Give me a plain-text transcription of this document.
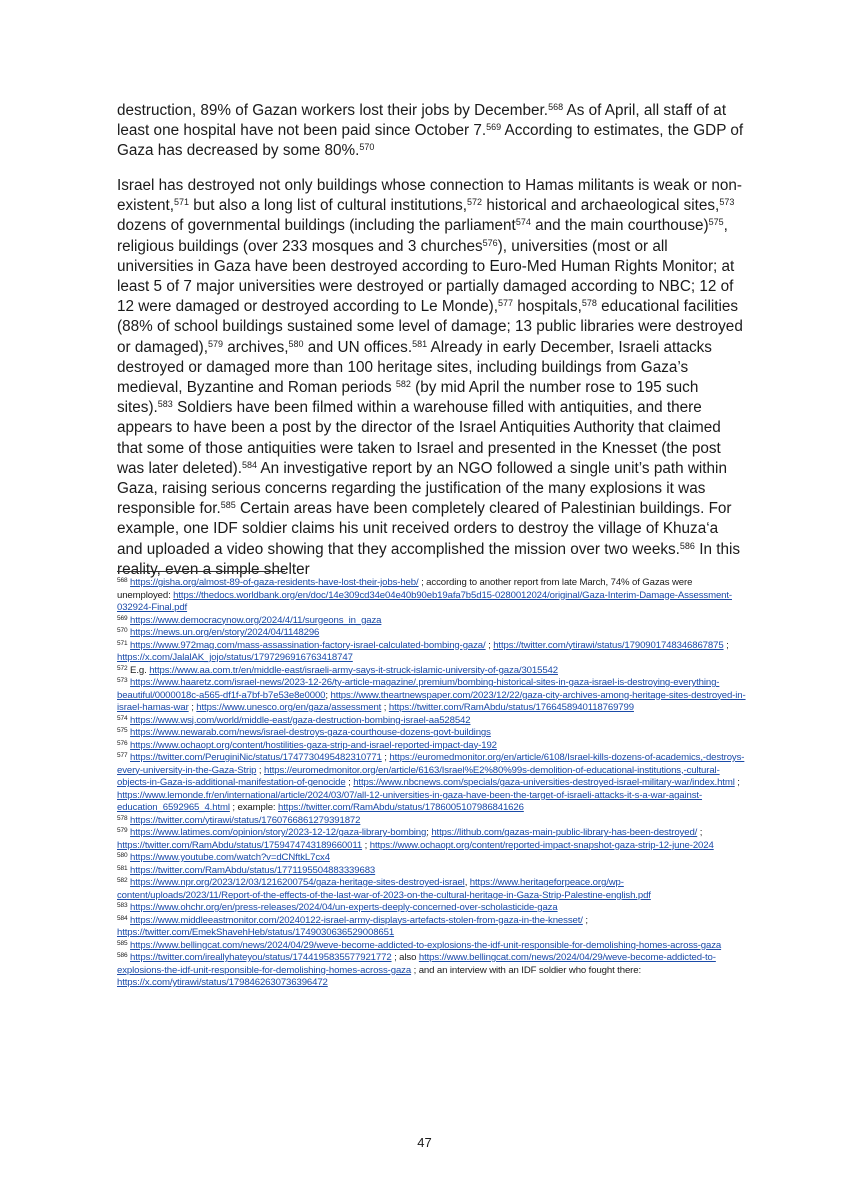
destruction, 89% of Gazan workers lost their jobs by December.$^{568}$ As of April, all staff of at least one hospital have not been paid since October 7.$^{569}$ According to estimates, the GDP of Gaza has decreased by some 80%.$^{570}$

Israel has destroyed not only buildings whose connection to Hamas militants is weak or non-existent,$^{571}$ but also a long list of cultural institutions,$^{572}$ historical and archaeological sites,$^{573}$ dozens of governmental buildings (including the parliament$^{574}$ and the main courthouse)$^{575}$, religious buildings (over 233 mosques and 3 churches$^{576}$), universities (most or all universities in Gaza have been destroyed according to Euro-Med Human Rights Monitor; at least 5 of 7 major universities were destroyed or partially damaged according to NBC; 12 of 12 were damaged or destroyed according to Le Monde),$^{577}$ hospitals,$^{578}$ educational facilities (88% of school buildings sustained some level of damage; 13 public libraries were destroyed or damaged),$^{579}$ archives,$^{580}$ and UN offices.$^{581}$ Already in early December, Israeli attacks destroyed or damaged more than 100 heritage sites, including buildings from Gaza’s medieval, Byzantine and Roman periods $^{582}$ (by mid April the number rose to 195 such sites).$^{583}$ Soldiers have been filmed within a warehouse filled with antiquities, and there appears to have been a post by the director of the Israel Antiquities Authority that claimed that some of those antiquities were taken to Israel and presented in the Knesset (the post was later deleted).$^{584}$ An investigative report by an NGO followed a single unit’s path within Gaza, raising serious concerns regarding the justification of the many explosions it was responsible for.$^{585}$ Certain areas have been completely cleared of Palestinian buildings. For example, one IDF soldier claims his unit received orders to destroy the village of Khuza‘a and uploaded a video showing that they accomplished the mission over two weeks.$^{586}$ In this reality, even a simple shelter

$^{568}$ https://gisha.org/almost-89-of-gaza-residents-have-lost-their-jobs-heb/ ; according to another report from late March, 74% of Gazas were unemployed: https://thedocs.worldbank.org/en/doc/14e309cd34e04e40b90eb19afa7b5d15-0280012024/original/Gaza-Interim-Damage-Assessment-032924-Final.pdf

$^{569}$ https://www.democracynow.org/2024/4/11/surgeons_in_gaza

$^{570}$ https://news.un.org/en/story/2024/04/1148296

$^{571}$ https://www.972mag.com/mass-assassination-factory-israel-calculated-bombing-gaza/ ; https://twitter.com/ytirawi/status/1790901748346867875 ; https://x.com/JalalAK_jojo/status/1797296916763418747

$^{572}$ E.g. https://www.aa.com.tr/en/middle-east/israeli-army-says-it-struck-islamic-university-of-gaza/3015542

$^{573}$ https://www.haaretz.com/israel-news/2023-12-26/ty-article-magazine/.premium/bombing-historical-sites-in-gaza-israel-is-destroying-everything-beautiful/0000018c-a565-df1f-a7bf-b7e53e8e0000; https://www.theartnewspaper.com/2023/12/22/gaza-city-archives-among-heritage-sites-destroyed-in-israel-hamas-war ; https://www.unesco.org/en/gaza/assessment ; https://twitter.com/RamAbdu/status/1766458940118769799

$^{574}$ https://www.wsj.com/world/middle-east/gaza-destruction-bombing-israel-aa528542

$^{575}$ https://www.newarab.com/news/israel-destroys-gaza-courthouse-dozens-govt-buildings

$^{576}$ https://www.ochaopt.org/content/hostilities-gaza-strip-and-israel-reported-impact-day-192

$^{577}$ https://twitter.com/PeruginiNic/status/1747730495482310771 ; https://euromedmonitor.org/en/article/6108/Israel-kills-dozens-of-academics,-destroys-every-university-in-the-Gaza-Strip ; https://euromedmonitor.org/en/article/6163/Israel%E2%80%99s-demolition-of-educational-institutions,-cultural-objects-in-Gaza-is-additional-manifestation-of-genocide ; https://www.nbcnews.com/specials/gaza-universities-destroyed-israel-military-war/index.html ; https://www.lemonde.fr/en/international/article/2024/03/07/all-12-universities-in-gaza-have-been-the-target-of-israeli-attacks-it-s-a-war-against-education_6592965_4.html ; example: https://twitter.com/RamAbdu/status/1786005107986841626

$^{578}$ https://twitter.com/ytirawi/status/1760766861279391872

$^{579}$ https://www.latimes.com/opinion/story/2023-12-12/gaza-library-bombing; https://lithub.com/gazas-main-public-library-has-been-destroyed/ ; https://twitter.com/RamAbdu/status/1759474743189660011 ; https://www.ochaopt.org/content/reported-impact-snapshot-gaza-strip-12-june-2024

$^{580}$ https://www.youtube.com/watch?v=dCNftkL7cx4

$^{581}$ https://twitter.com/RamAbdu/status/1771195504883339683

$^{582}$ https://www.npr.org/2023/12/03/1216200754/gaza-heritage-sites-destroyed-israel, https://www.heritageforpeace.org/wp-content/uploads/2023/11/Report-of-the-effects-of-the-last-war-of-2023-on-the-cultural-heritage-in-Gaza-Strip-Palestine-english.pdf

$^{583}$ https://www.ohchr.org/en/press-releases/2024/04/un-experts-deeply-concerned-over-scholasticide-gaza

$^{584}$ https://www.middleeastmonitor.com/20240122-israel-army-displays-artefacts-stolen-from-gaza-in-the-knesset/ ; https://twitter.com/EmekShavehHeb/status/1749030636529008651

$^{585}$ https://www.bellingcat.com/news/2024/04/29/weve-become-addicted-to-explosions-the-idf-unit-responsible-for-demolishing-homes-across-gaza

$^{586}$ https://twitter.com/ireallyhateyou/status/1744195835577921772 ; also https://www.bellingcat.com/news/2024/04/29/weve-become-addicted-to-explosions-the-idf-unit-responsible-for-demolishing-homes-across-gaza ; and an interview with an IDF soldier who fought there: https://x.com/ytirawi/status/1798462630736396472

47
